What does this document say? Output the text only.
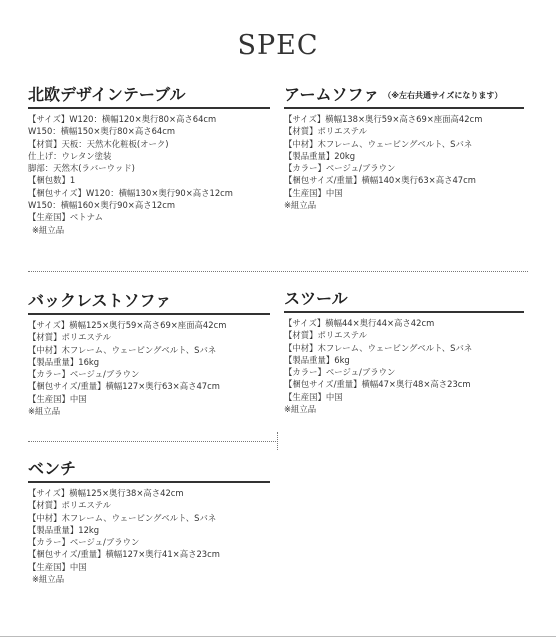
SPEC
北欧デザインテーブル
【サイズ】W120：横幅120×奥行80×高さ64cm
W150：横幅150×奥行80×高さ64cm
【材質】天板：天然木化粧板(オーク)
仕上げ：ウレタン塗装
脚部：天然木(ラバーウッド)
【梱包数】1
【梱包サイズ】W120：横幅130×奥行90×高さ12cm
W150：横幅160×奥行90×高さ12cm
【生産国】ベトナム
※組立品
アームソファ （※左右共通サイズになります）
【サイズ】横幅138×奥行59×高さ69×座面高42cm
【材質】ポリエステル
【中材】木フレーム、ウェービングベルト、Sバネ
【製品重量】20kg
【カラー】ベージュ/ブラウン
【梱包サイズ/重量】横幅140×奥行63×高さ47cm
【生産国】中国
※組立品
バックレストソファ
【サイズ】横幅125×奥行59×高さ69×座面高42cm
【材質】ポリエステル
【中材】木フレーム、ウェービングベルト、Sバネ
【製品重量】16kg
【カラー】ベージュ/ブラウン
【梱包サイズ/重量】横幅127×奥行63×高さ47cm
【生産国】中国
※組立品
スツール
【サイズ】横幅44×奥行44×高さ42cm
【材質】ポリエステル
【中材】木フレーム、ウェービングベルト、Sバネ
【製品重量】6kg
【カラー】ベージュ/ブラウン
【梱包サイズ/重量】横幅47×奥行48×高さ23cm
【生産国】中国
※組立品
ベンチ
【サイズ】横幅125×奥行38×高さ42cm
【材質】ポリエステル
【中材】木フレーム、ウェービングベルト、Sバネ
【製品重量】12kg
【カラー】ベージュ/ブラウン
【梱包サイズ/重量】横幅127×奥行41×高さ23cm
【生産国】中国
※組立品
